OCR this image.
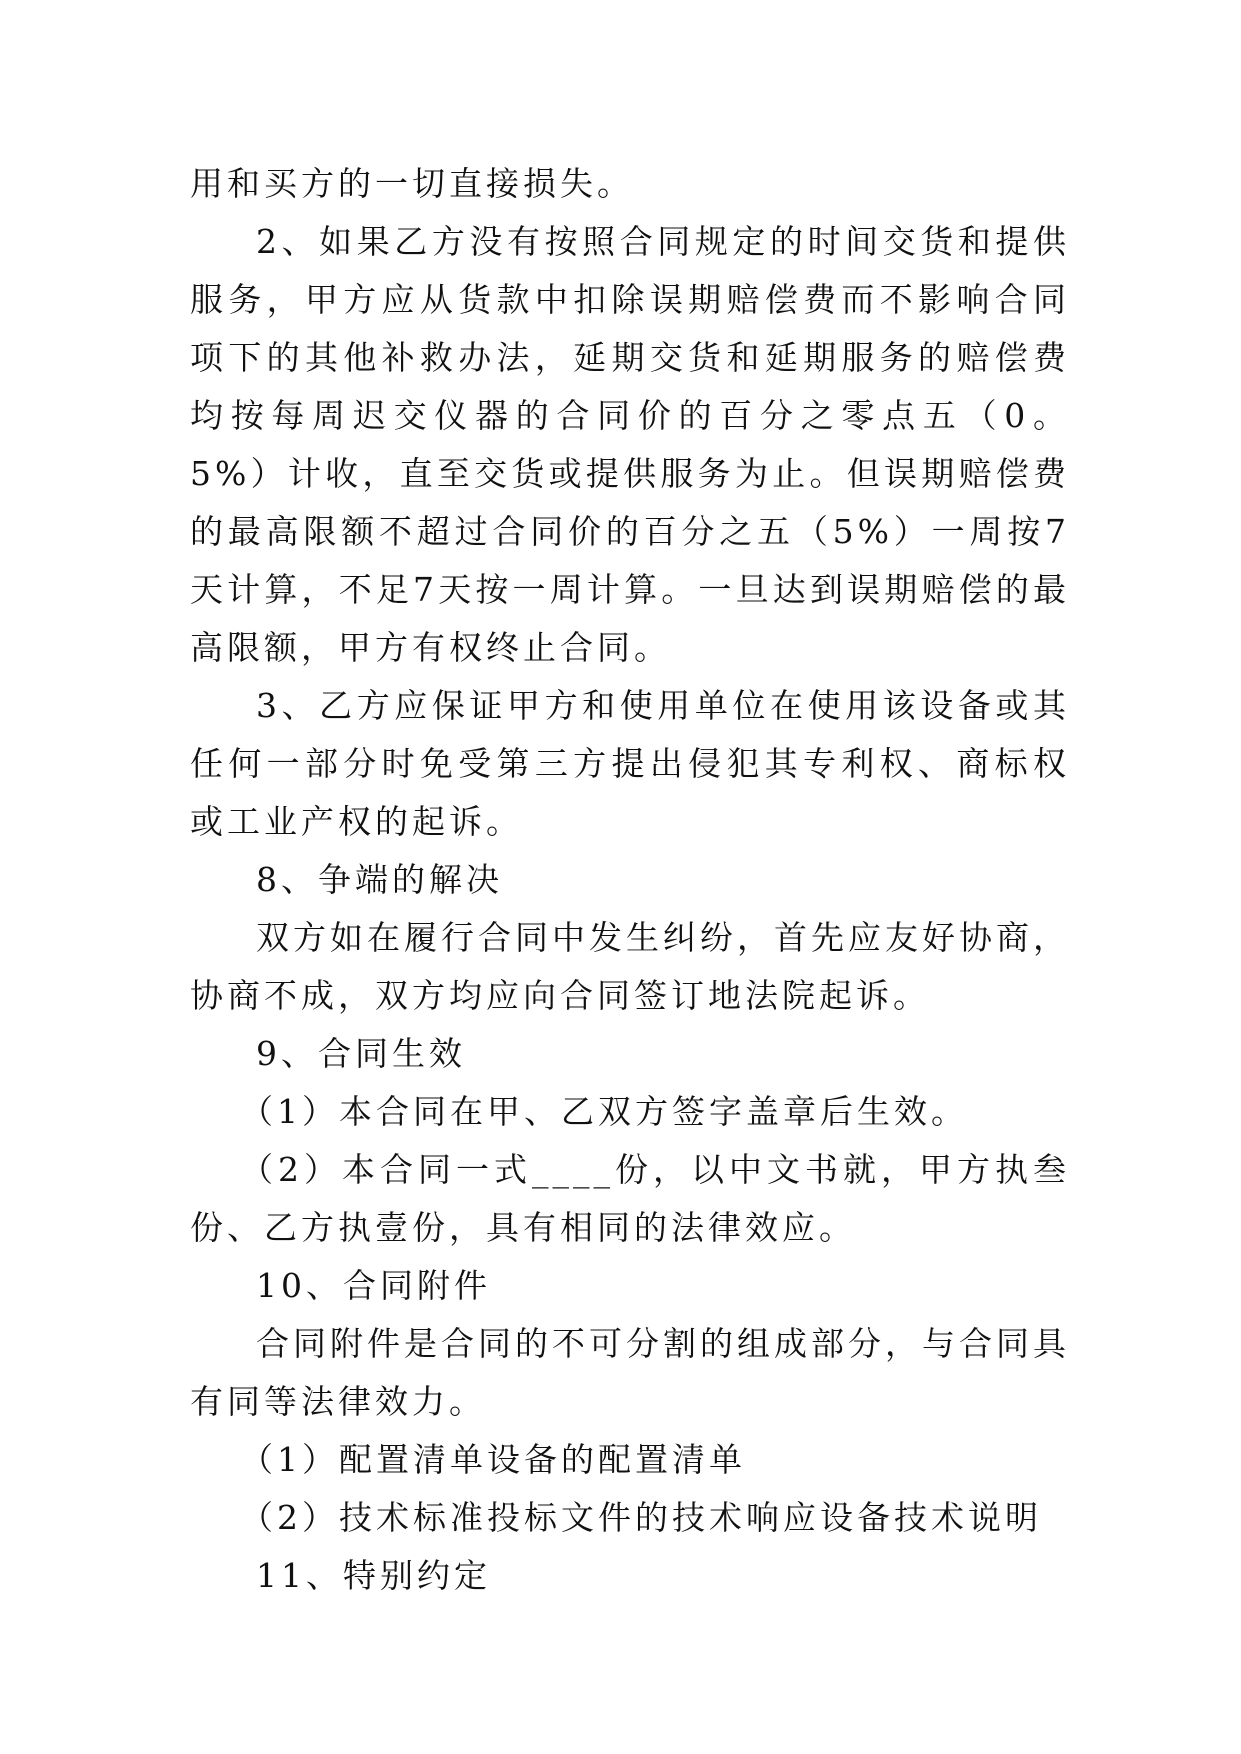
用和买方的一切直接损失。

2、如果乙方没有按照合同规定的时间交货和提供服务，甲方应从货款中扣除误期赔偿费而不影响合同项下的其他补救办法，延期交货和延期服务的赔偿费均按每周迟交仪器的合同价的百分之零点五（0。5%）计收，直至交货或提供服务为止。但误期赔偿费的最高限额不超过合同价的百分之五（5%）一周按7天计算，不足7天按一周计算。一旦达到误期赔偿的最高限额，甲方有权终止合同。

3、乙方应保证甲方和使用单位在使用该设备或其任何一部分时免受第三方提出侵犯其专利权、商标权或工业产权的起诉。

8、争端的解决

双方如在履行合同中发生纠纷，首先应友好协商，协商不成，双方均应向合同签订地法院起诉。

9、合同生效

（1）本合同在甲、乙双方签字盖章后生效。

（2）本合同一式____份，以中文书就，甲方执叁份、乙方执壹份，具有相同的法律效应。

10、合同附件

合同附件是合同的不可分割的组成部分，与合同具有同等法律效力。

（1）配置清单设备的配置清单

（2）技术标准投标文件的技术响应设备技术说明

11、特别约定
